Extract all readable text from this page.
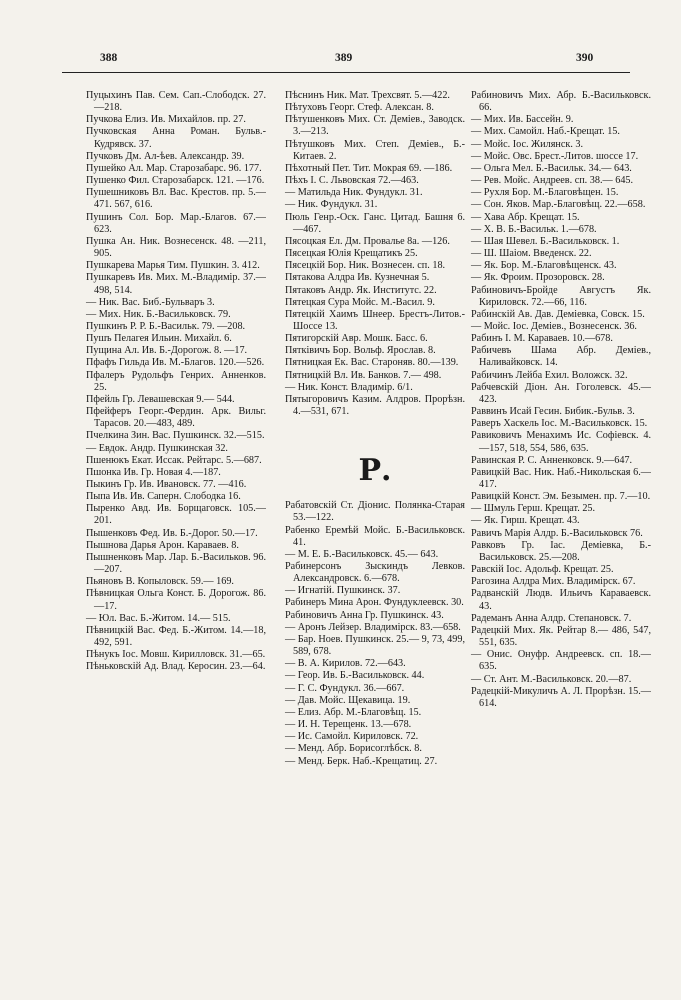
388	389	390

Пуцыхинъ Пав. Сем. Сап.-Слободск. 27.—218.

Пучкова Елиз. Ив. Михайлов. пр. 27.

Пучковская Анна Роман. Бульв.-Кудрявск. 37.

Пучковъ Дм. Ал-ѣев. Александр. 39.

Пушейко Ал. Мар. Старозабарс. 96. 177.

Пушенко Фил. Старозабарск. 121. —176.

Пушешниковъ Вл. Вас. Крестов. пр. 5.—471. 567, 616.

Пушинъ Сол. Бор. Мар.-Благов. 67.—623.

Пушка Ан. Ник. Вознесенск. 48. —211, 905.

Пушкарева Марья Тим. Пушкин. 3. 412.

Пушкаревъ Ив. Мих. М.-Владимір. 37.—498, 514.

— Ник. Вас. Биб.-Бульваръ 3.

— Мих. Ник. Б.-Васильковск. 79.

Пушкинъ Р. Р. Б.-Васильк. 79. —208.

Пушъ Пелагея Ильин. Михайл. 6.

Пущина Ал. Ив. Б.-Дорогож. 8. —17.

Пфафъ Гильда Ив. М.-Благов. 120.—526.

Пфалеръ Рудольфъ Генрих. Анненков. 25.

Пфейль Гр. Левашевская 9.— 544.

Пфейферъ Георг.-Фердин. Арк. Вильг. Тарасов. 20.—483, 489.

Пчелкина Зин. Вас. Пушкинск. 32.—515.

— Евдок. Андр. Пушкинская 32.

Пшенюкъ Екат. Иссак. Рейтарс. 5.—687.

Пшонка Ив. Гр. Новая 4.—187.

Пыкинъ Гр. Ив. Ивановск. 77. —416.

Пыпа Ив. Ив. Саперн. Слободка 16.

Пыренко Авд. Ив. Борщаговск. 105.—201.

Пышенковъ Фед. Ив. Б.-Дорог. 50.—17.

Пышнова Дарья Арон. Караваев. 8.

Пышненковъ Мар. Лар. Б.-Васильков. 96.—207.

Пьяновъ В. Копыловск. 59.— 169.

Пѣвницкая Ольга Конст. Б. Дорогож. 86.—17.

— Юл. Вас. Б.-Житом. 14.— 515.

Пѣвницкій Вас. Фед. Б.-Житом. 14.—18, 492, 591.

Пѣнукъ Іос. Мовш. Кирилловск. 31.—65.

Пѣньковскій Ад. Влад. Керосин. 23.—64.

Пѣснинъ Ник. Мат. Трехсвят. 5.—422.

Пѣтуховъ Георг. Стеф. Алексан. 8.

Пѣтушенковъ Мих. Ст. Деміев., Заводск. 3.—213.

Пѣтушковъ Мих. Степ. Деміев., Б.-Китаев. 2.

Пѣхотный Пет. Тит. Мокрая 69. —186.

Пѣхъ І. С. Львовская 72.—463.

— Матильда Ник. Фундукл. 31.

— Ник. Фундукл. 31.

Пюль Генр.-Оск. Ганс. Цитад. Башня 6.—467.

Пясоцкая Ел. Дм. Провалье 8а. —126.

Пясецкая Юлія Крещатикъ 25.

Пясецкій Бор. Ник. Вознесен. сп. 18.

Пятакова Алдра Ив. Кузнечная 5.

Пятаковъ Андр. Як. Институтс. 22.

Пятецкая Сура Мойс. М.-Васил. 9.

Пятецкій Хаимъ Шнеер. Брестъ-Литов.-Шоссе 13.

Пятигорскій Авр. Мошк. Басс. 6.

Пятківичъ Бор. Вольф. Ярослав. 8.

Пятницкая Ек. Вас. Староняв. 80.—139.

Пятницкій Вл. Ив. Банков. 7.— 498.

— Ник. Конст. Владимір. 6/1.

Пятыгоровичъ Казим. Алдров. Прорѣзн. 4.—531, 671.

Р.

Рабатовскій Ст. Діонис. Полянка-Старая 53.—122.

Рабенко Еремѣй Мойс. Б.-Васильковск. 41.

— М. Е. Б.-Васильковск. 45.— 643.

Рабинерсонъ Зыскиндъ Левков. Александровск. 6.—678.

— Игнатій. Пушкинск. 37.

Рабинеръ Мина Арон. Фундуклеевск. 30.

Рабиновичъ Анна Гр. Пушкинск. 43.

— Аронъ Лейзер. Владимірск. 83.—658.

— Бар. Ноев. Пушкинск. 25.— 9, 73, 499, 589, 678.

— В. А. Кирилов. 72.—643.

— Геор. Ив. Б.-Васильковск. 44.

— Г. С. Фундукл. 36.—667.

— Дав. Мойс. Щекавица. 19.

— Елиз. Абр. М.-Благовѣщ. 15.

— И. Н. Терещенк. 13.—678.

— Ис. Самойл. Кириловск. 72.

— Менд. Абр. Борисоглѣбск. 8.

— Менд. Берк. Наб.-Крещатиц. 27.

Рабиновичъ Мих. Абр. Б.-Васильковск. 66.

— Мих. Ив. Бассейн. 9.

— Мих. Самойл. Наб.-Крещат. 15.

— Мойс. Іос. Жилянск. 3.

— Мойс. Овс. Брест.-Литов. шоссе 17.

— Ольга Мел. Б.-Васильк. 34.— 643.

— Рев. Мойс. Андреев. сп. 38.— 645.

— Рухля Бор. М.-Благовѣщен. 15.

— Сон. Яков. Мар.-Благовѣщ. 22.—658.

— Хава Абр. Крещат. 15.

— Х. В. Б.-Васильк. 1.—678.

— Шая Шевел. Б.-Васильковск. 1.

— Ш. Шаіом. Введенск. 22.

— Як. Бор. М.-Благовѣщенск. 43.

— Як. Фроим. Прозоровск. 28.

Рабиновичъ-Бройде Августъ Як. Кириловск. 72.—66, 116.

Рабинскій Ав. Дав. Деміевка, Совск. 15.

— Мойс. Іос. Деміев., Вознесенск. 36.

Рабинъ І. М. Караваев. 10.—678.

Рабичевъ Шама Абр. Деміев., Наливайковск. 14.

Рабичинъ Лейба Ехил. Воложск. 32.

Рабчевскій Діон. Ан. Гоголевск. 45.—423.

Раввинъ Исай Гесин. Бибик.-Бульв. 3.

Раверъ Хаскель Іос. М.-Васильковск. 15.

Равиковичъ Менахимъ Ис. Софіевск. 4.—157, 518, 554, 586, 635.

Равинская Р. С. Анненковск. 9.—647.

Равицкій Вас. Ник. Наб.-Никольская 6.—417.

Равицкій Конст. Эм. Безымен. пр. 7.—10.

— Шмуль Герш. Крещат. 25.

— Як. Гирш. Крещат. 43.

Равичъ Марія Алдр. Б.-Васильковск 76.

Равковъ Гр. Іас. Деміевка, Б.-Васильковск. 25.—208.

Равскій Іос. Адольф. Крещат. 25.

Рагозина Алдра Мих. Владимірск. 67.

Радванскій Людв. Ильичъ Караваевск. 43.

Радеманъ Анна Алдр. Степановск. 7.

Радецкій Мих. Як. Рейтар 8.— 486, 547, 551, 635.

— Онис. Онуфр. Андреевск. сп. 18.—635.

— Ст. Ант. М.-Васильковск. 20.—87.

Радецкій-Микуличъ А. Л. Прорѣзн. 15.—614.
